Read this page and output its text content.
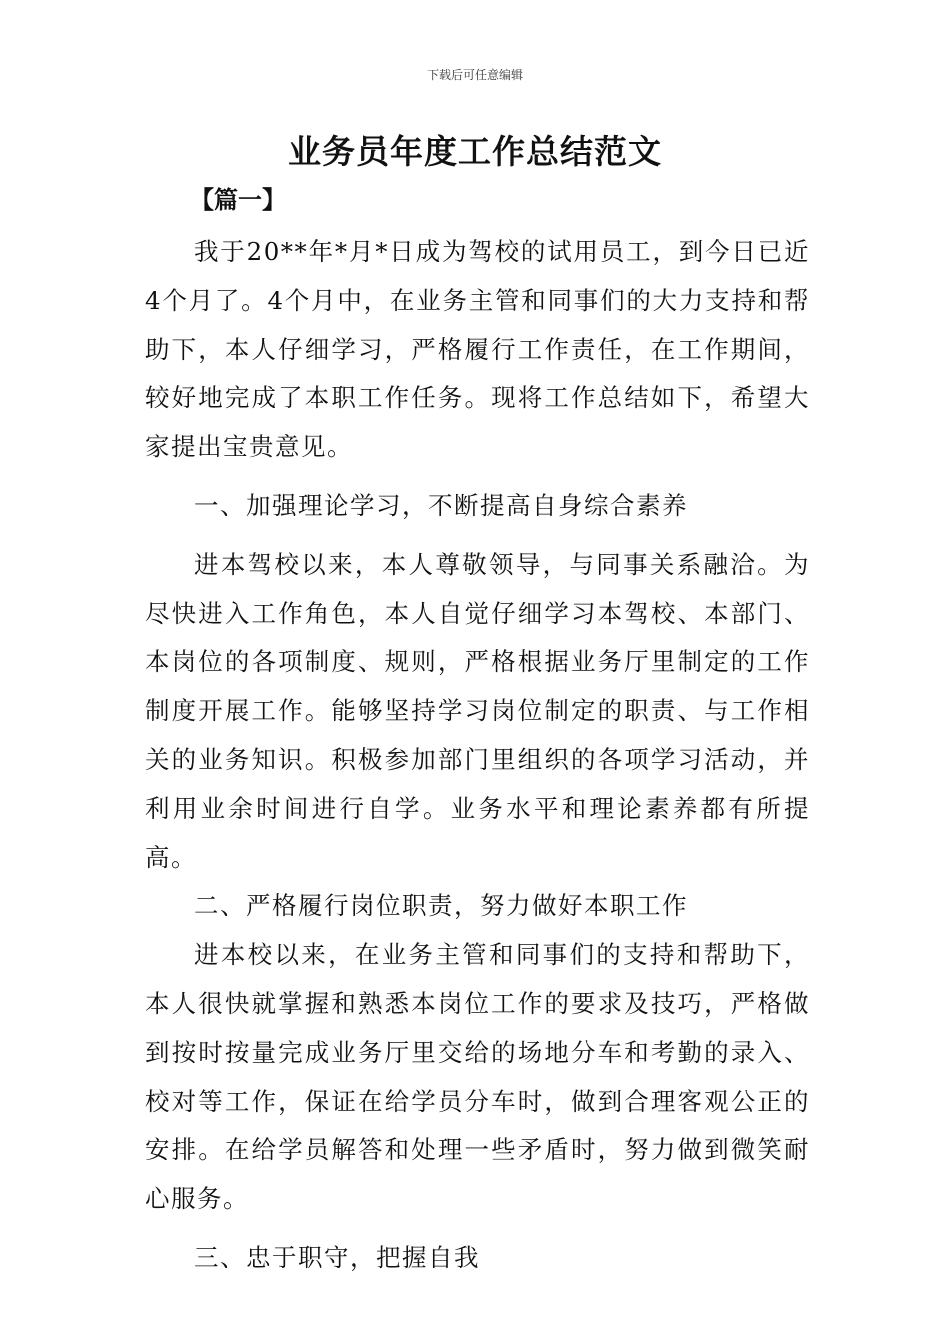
下载后可任意编辑
业务员年度工作总结范文
【篇一】

我于20**年*月*日成为驾校的试用员工，到今日已近4个月了。4个月中，在业务主管和同事们的大力支持和帮助下，本人仔细学习，严格履行工作责任，在工作期间，较好地完成了本职工作任务。现将工作总结如下，希望大家提出宝贵意见。

一、加强理论学习，不断提高自身综合素养

进本驾校以来，本人尊敬领导，与同事关系融洽。为尽快进入工作角色，本人自觉仔细学习本驾校、本部门、本岗位的各项制度、规则，严格根据业务厅里制定的工作制度开展工作。能够坚持学习岗位制定的职责、与工作相关的业务知识。积极参加部门里组织的各项学习活动，并利用业余时间进行自学。业务水平和理论素养都有所提高。

二、严格履行岗位职责，努力做好本职工作

进本校以来，在业务主管和同事们的支持和帮助下，本人很快就掌握和熟悉本岗位工作的要求及技巧，严格做到按时按量完成业务厅里交给的场地分车和考勤的录入、校对等工作，保证在给学员分车时，做到合理客观公正的安排。在给学员解答和处理一些矛盾时，努力做到微笑耐心服务。

三、忠于职守，把握自我
